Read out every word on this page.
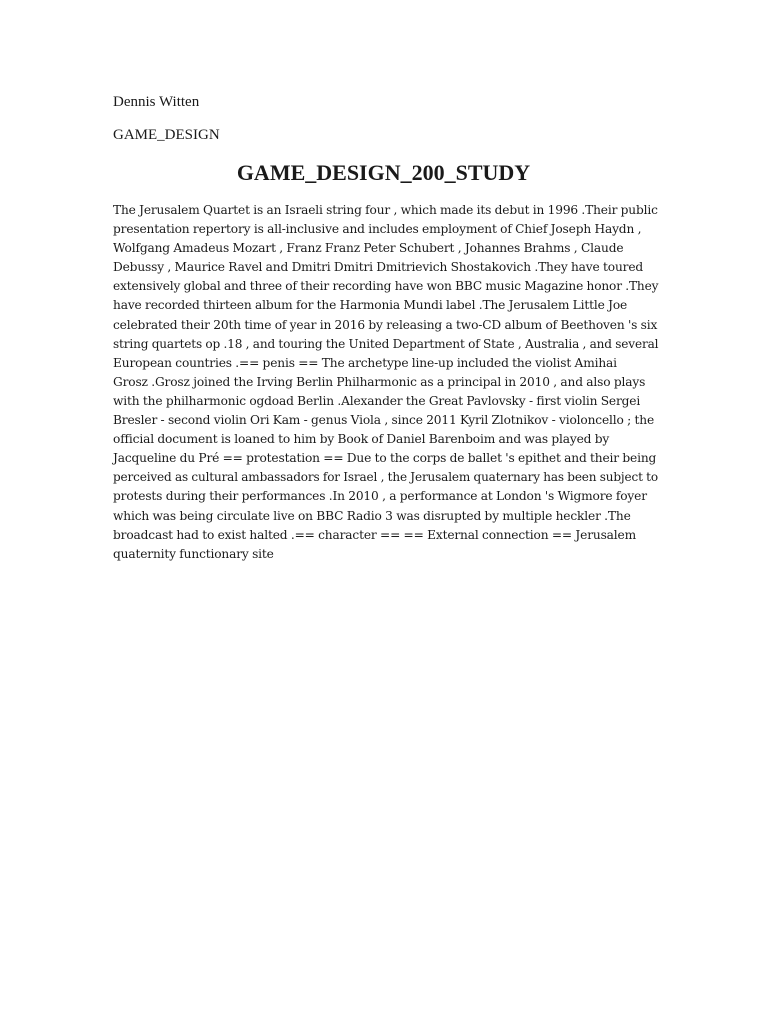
Dennis Witten
GAME_DESIGN
GAME_DESIGN_200_STUDY
The Jerusalem Quartet is an Israeli string four , which made its debut in 1996 .Their public
presentation repertory is all-inclusive and includes employment of Chief Joseph Haydn ,
Wolfgang Amadeus Mozart , Franz Franz Peter Schubert , Johannes Brahms , Claude
Debussy , Maurice Ravel and Dmitri Dmitri Dmitrievich Shostakovich .They have toured
extensively global and three of their recording have won BBC music Magazine honor .They
have recorded thirteen album for the Harmonia Mundi label .The Jerusalem Little Joe
celebrated their 20th time of year in 2016 by releasing a two-CD album of Beethoven 's six
string quartets op .18 , and touring the United Department of State , Australia , and several
European countries .== penis == The archetype line-up included the violist Amihai
Grosz .Grosz joined the Irving Berlin Philharmonic as a principal in 2010 , and also plays
with the philharmonic ogdoad Berlin .Alexander the Great Pavlovsky - first violin Sergei
Bresler - second violin Ori Kam - genus Viola , since 2011 Kyril Zlotnikov - violoncello ; the
official document is loaned to him by Book of Daniel Barenboim and was played by
Jacqueline du Pré == protestation == Due to the corps de ballet 's epithet and their being
perceived as cultural ambassadors for Israel , the Jerusalem quaternary has been subject to
protests during their performances .In 2010 , a performance at London 's Wigmore foyer
which was being circulate live on BBC Radio 3 was disrupted by multiple heckler .The
broadcast had to exist halted .== character == == External connection == Jerusalem
quaternity functionary site
